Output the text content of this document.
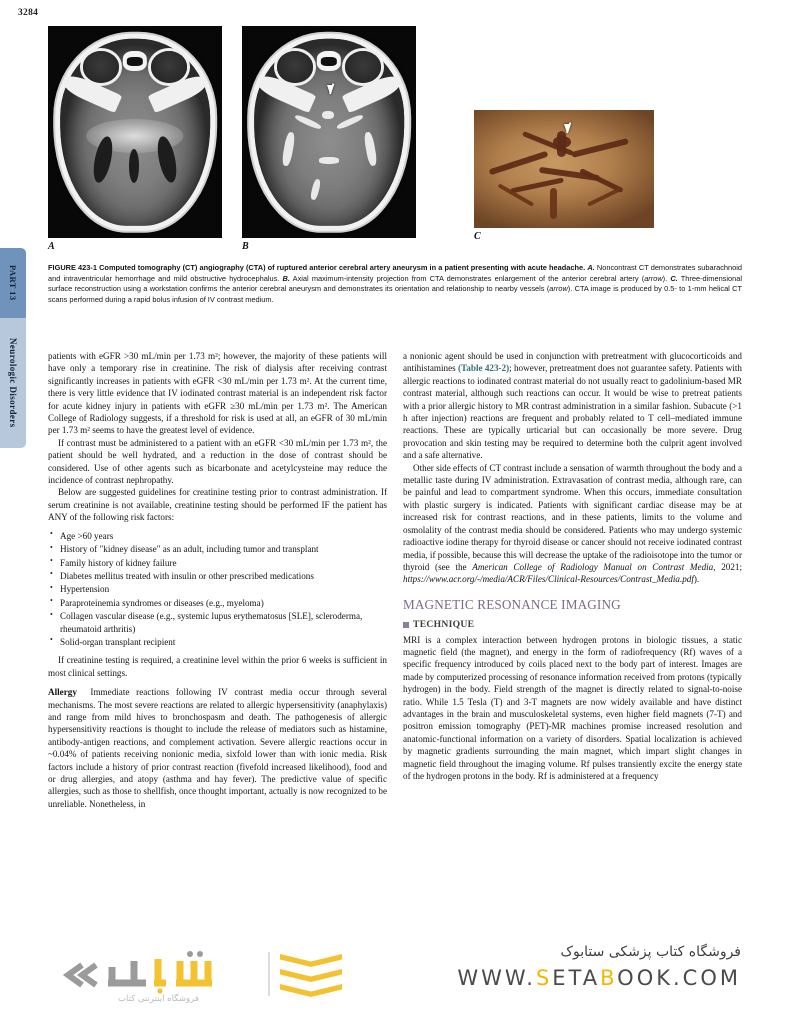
3284
PART 13
Neurologic Disorders
A	B
C
FIGURE 423-1 Computed tomography (CT) angiography (CTA) of ruptured anterior cerebral artery aneurysm in a patient presenting with acute headache. A. Noncontrast CT demonstrates subarachnoid and intraventricular hemorrhage and mild obstructive hydrocephalus. B. Axial maximum-intensity projection from CTA demonstrates enlargement of the anterior cerebral artery (arrow). C. Three-dimensional surface reconstruction using a workstation confirms the anterior cerebral aneurysm and demonstrates its orientation and relationship to nearby vessels (arrow). CTA image is produced by 0.5- to 1-mm helical CT scans performed during a rapid bolus infusion of IV contrast medium.

patients with eGFR >30 mL/min per 1.73 m²; however, the majority of these patients will have only a temporary rise in creatinine. The risk of dialysis after receiving contrast significantly increases in patients with eGFR <30 mL/min per 1.73 m². At the current time, there is very little evidence that IV iodinated contrast material is an independent risk factor for acute kidney injury in patients with eGFR ≥30 mL/min per 1.73 m². The American College of Radiology suggests, if a threshold for risk is used at all, an eGFR of 30 mL/min per 1.73 m² seems to have the greatest level of evidence.

If contrast must be administered to a patient with an eGFR <30 mL/min per 1.73 m², the patient should be well hydrated, and a reduction in the dose of contrast should be considered. Use of other agents such as bicarbonate and acetylcysteine may reduce the incidence of contrast nephropathy.

Below are suggested guidelines for creatinine testing prior to contrast administration. If serum creatinine is not available, creatinine testing should be performed IF the patient has ANY of the following risk factors:

• Age >60 years
• History of "kidney disease" as an adult, including tumor and transplant
• Family history of kidney failure
• Diabetes mellitus treated with insulin or other prescribed medications
• Hypertension
• Paraproteinemia syndromes or diseases (e.g., myeloma)
• Collagen vascular disease (e.g., systemic lupus erythematosus [SLE], scleroderma, rheumatoid arthritis)
• Solid-organ transplant recipient

If creatinine testing is required, a creatinine level within the prior 6 weeks is sufficient in most clinical settings.

Allergy Immediate reactions following IV contrast media occur through several mechanisms. The most severe reactions are related to allergic hypersensitivity (anaphylaxis) and range from mild hives to bronchospasm and death. The pathogenesis of allergic hypersensitivity reactions is thought to include the release of mediators such as histamine, antibody-antigen reactions, and complement activation. Severe allergic reactions occur in ~0.04% of patients receiving nonionic media, sixfold lower than with ionic media. Risk factors include a history of prior contrast reaction (fivefold increased likelihood), food and or drug allergies, and atopy (asthma and hay fever). The predictive value of specific allergies, such as those to shellfish, once thought important, actually is now recognized to be unreliable. Nonetheless, in

a nonionic agent should be used in conjunction with pretreatment with glucocorticoids and antihistamines (Table 423-2); however, pretreatment does not guarantee safety. Patients with allergic reactions to iodinated contrast material do not usually react to gadolinium-based MR contrast material, although such reactions can occur. It would be wise to pretreat patients with a prior allergic history to MR contrast administration in a similar fashion. Subacute (>1 h after injection) reactions are frequent and probably related to T cell–mediated immune reactions. These are typically urticarial but can occasionally be more severe. Drug provocation and skin testing may be required to determine both the culprit agent involved and a safe alternative.

Other side effects of CT contrast include a sensation of warmth throughout the body and a metallic taste during IV administration. Extravasation of contrast media, although rare, can be painful and lead to compartment syndrome. When this occurs, immediate consultation with plastic surgery is indicated. Patients with significant cardiac disease may be at increased risk for contrast reactions, and in these patients, limits to the volume and osmolality of the contrast media should be considered. Patients who may undergo systemic radioactive iodine therapy for thyroid disease or cancer should not receive iodinated contrast media, if possible, because this will decrease the uptake of the radioisotope into the tumor or thyroid (see the American College of Radiology Manual on Contrast Media, 2021; https://www.acr.org/-/media/ACR/Files/Clinical-Resources/Contrast_Media.pdf).

MAGNETIC RESONANCE IMAGING
TECHNIQUE

MRI is a complex interaction between hydrogen protons in biologic tissues, a static magnetic field (the magnet), and energy in the form of radiofrequency (Rf) waves of a specific frequency introduced by coils placed next to the body part of interest. Images are made by computerized processing of resonance information received from protons (typically hydrogen) in the body. Field strength of the magnet is directly related to signal-to-noise ratio. While 1.5 Tesla (T) and 3-T magnets are now widely available and have distinct advantages in the brain and musculoskeletal systems, even higher field magnets (7-T) and positron emission tomography (PET)-MR machines promise increased resolution and anatomic-functional information on a variety of disorders. Spatial localization is achieved by magnetic gradients surrounding the main magnet, which impart slight changes in magnetic field throughout the imaging volume. Rf pulses transiently excite the energy state of the hydrogen protons in the body. Rf is administered at a frequency

فروشگاه اینترنتی کتاب
فروشگاه کتاب پزشکی ستابوک
WWW.SETABOOK.COM
